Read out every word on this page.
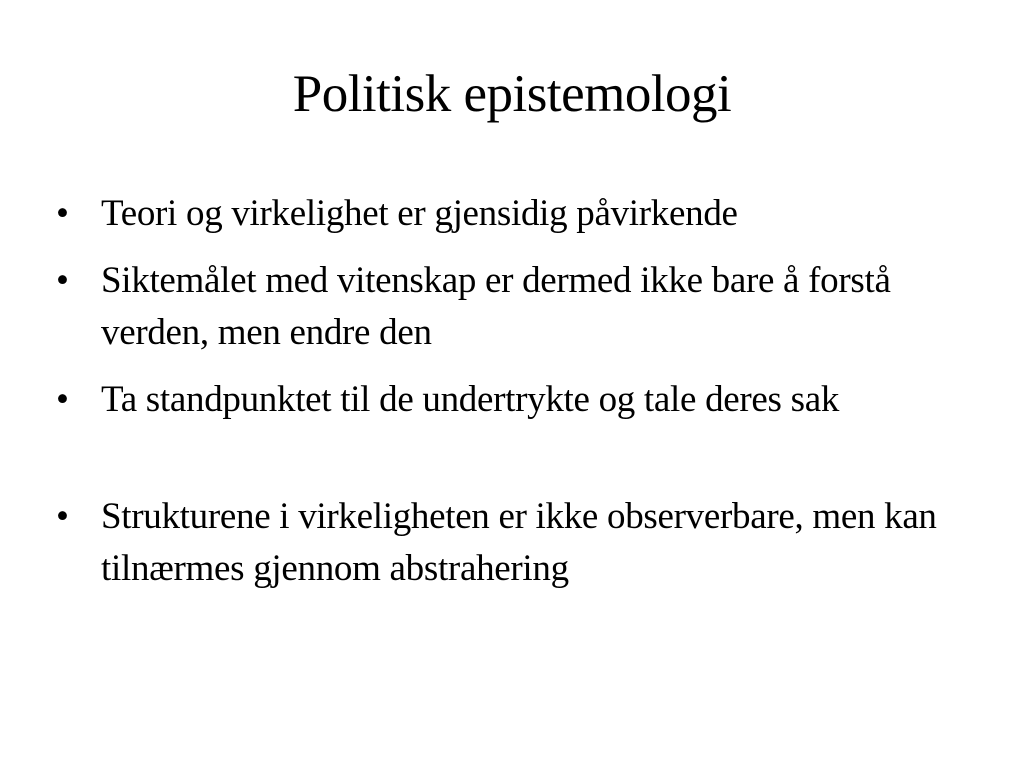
Politisk epistemologi
• Teori og virkelighet er gjensidig påvirkende
• Siktemålet med vitenskap er dermed ikke bare å forstå verden, men endre den
• Ta standpunktet til de undertrykte og tale deres sak
• Strukturene i virkeligheten er ikke observerbare, men kan tilnærmes gjennom abstrahering
